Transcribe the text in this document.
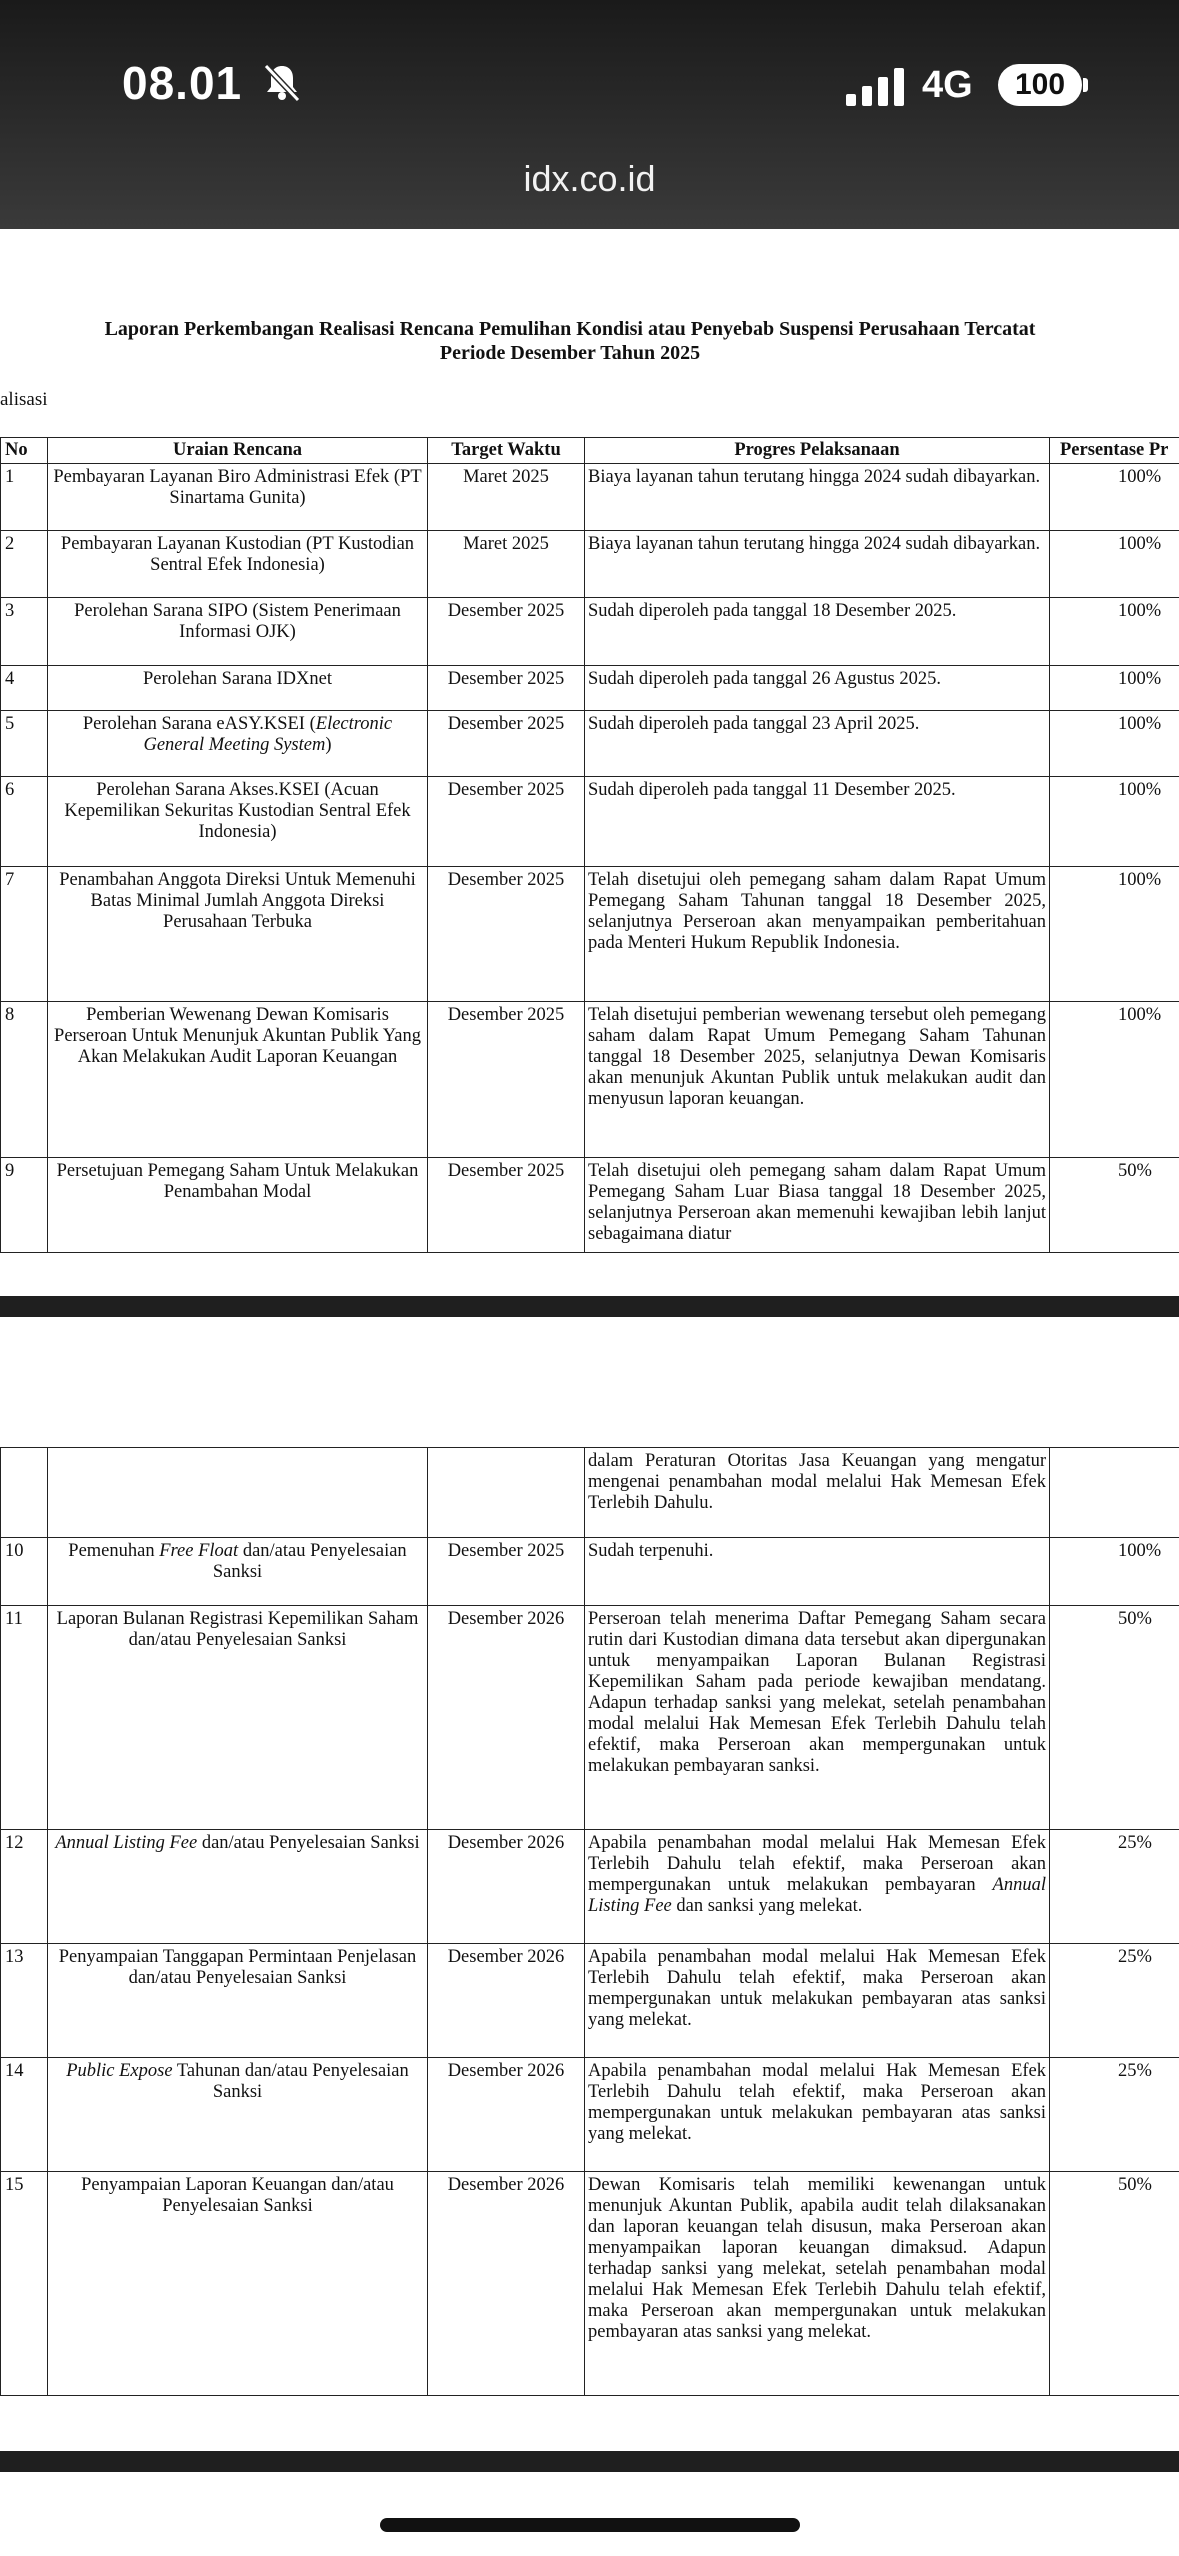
08.01	4G 100
idx.co.id
Laporan Perkembangan Realisasi Rencana Pemulihan Kondisi atau Penyebab Suspensi Perusahaan Tercatat
Periode Desember Tahun 2025
alisasi
No	Uraian Rencana	Target Waktu	Progres Pelaksanaan	Persentase Pr
1	Pembayaran Layanan Biro Administrasi Efek (PT Sinartama Gunita)	Maret 2025	Biaya layanan tahun terutang hingga 2024 sudah dibayarkan.	100%
2	Pembayaran Layanan Kustodian (PT Kustodian Sentral Efek Indonesia)	Maret 2025	Biaya layanan tahun terutang hingga 2024 sudah dibayarkan.	100%
3	Perolehan Sarana SIPO (Sistem Penerimaan Informasi OJK)	Desember 2025	Sudah diperoleh pada tanggal 18 Desember 2025.	100%
4	Perolehan Sarana IDXnet	Desember 2025	Sudah diperoleh pada tanggal 26 Agustus 2025.	100%
5	Perolehan Sarana eASY.KSEI (Electronic General Meeting System)	Desember 2025	Sudah diperoleh pada tanggal 23 April 2025.	100%
6	Perolehan Sarana Akses.KSEI (Acuan Kepemilikan Sekuritas Kustodian Sentral Efek Indonesia)	Desember 2025	Sudah diperoleh pada tanggal 11 Desember 2025.	100%
7	Penambahan Anggota Direksi Untuk Memenuhi Batas Minimal Jumlah Anggota Direksi Perusahaan Terbuka	Desember 2025	Telah disetujui oleh pemegang saham dalam Rapat Umum Pemegang Saham Tahunan tanggal 18 Desember 2025, selanjutnya Perseroan akan menyampaikan pemberitahuan pada Menteri Hukum Republik Indonesia.	100%
8	Pemberian Wewenang Dewan Komisaris Perseroan Untuk Menunjuk Akuntan Publik Yang Akan Melakukan Audit Laporan Keuangan	Desember 2025	Telah disetujui pemberian wewenang tersebut oleh pemegang saham dalam Rapat Umum Pemegang Saham Tahunan tanggal 18 Desember 2025, selanjutnya Dewan Komisaris akan menunjuk Akuntan Publik untuk melakukan audit dan menyusun laporan keuangan.	100%
9	Persetujuan Pemegang Saham Untuk Melakukan Penambahan Modal	Desember 2025	Telah disetujui oleh pemegang saham dalam Rapat Umum Pemegang Saham Luar Biasa tanggal 18 Desember 2025, selanjutnya Perseroan akan memenuhi kewajiban lebih lanjut sebagaimana diatur	50%
			dalam Peraturan Otoritas Jasa Keuangan yang mengatur mengenai penambahan modal melalui Hak Memesan Efek Terlebih Dahulu.	
10	Pemenuhan Free Float dan/atau Penyelesaian Sanksi	Desember 2025	Sudah terpenuhi.	100%
11	Laporan Bulanan Registrasi Kepemilikan Saham dan/atau Penyelesaian Sanksi	Desember 2026	Perseroan telah menerima Daftar Pemegang Saham secara rutin dari Kustodian dimana data tersebut akan dipergunakan untuk menyampaikan Laporan Bulanan Registrasi Kepemilikan Saham pada periode kewajiban mendatang. Adapun terhadap sanksi yang melekat, setelah penambahan modal melalui Hak Memesan Efek Terlebih Dahulu telah efektif, maka Perseroan akan mempergunakan untuk melakukan pembayaran sanksi.	50%
12	Annual Listing Fee dan/atau Penyelesaian Sanksi	Desember 2026	Apabila penambahan modal melalui Hak Memesan Efek Terlebih Dahulu telah efektif, maka Perseroan akan mempergunakan untuk melakukan pembayaran Annual Listing Fee dan sanksi yang melekat.	25%
13	Penyampaian Tanggapan Permintaan Penjelasan dan/atau Penyelesaian Sanksi	Desember 2026	Apabila penambahan modal melalui Hak Memesan Efek Terlebih Dahulu telah efektif, maka Perseroan akan mempergunakan untuk melakukan pembayaran atas sanksi yang melekat.	25%
14	Public Expose Tahunan dan/atau Penyelesaian Sanksi	Desember 2026	Apabila penambahan modal melalui Hak Memesan Efek Terlebih Dahulu telah efektif, maka Perseroan akan mempergunakan untuk melakukan pembayaran atas sanksi yang melekat.	25%
15	Penyampaian Laporan Keuangan dan/atau Penyelesaian Sanksi	Desember 2026	Dewan Komisaris telah memiliki kewenangan untuk menunjuk Akuntan Publik, apabila audit telah dilaksanakan dan laporan keuangan telah disusun, maka Perseroan akan menyampaikan laporan keuangan dimaksud. Adapun terhadap sanksi yang melekat, setelah penambahan modal melalui Hak Memesan Efek Terlebih Dahulu telah efektif, maka Perseroan akan mempergunakan untuk melakukan pembayaran atas sanksi yang melekat.	50%
